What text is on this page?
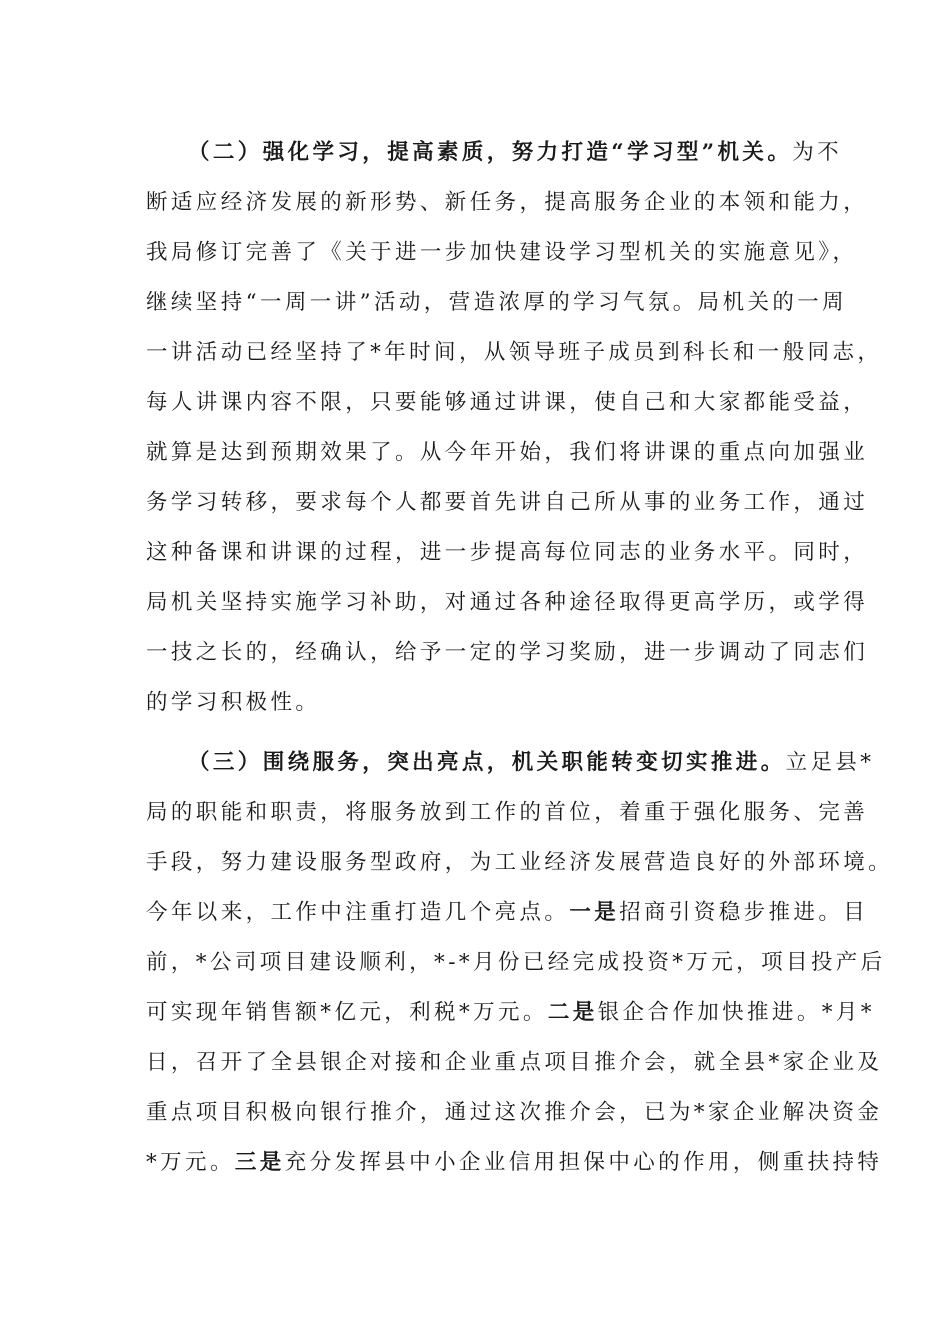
（二）强化学习，提高素质，努力打造“学习型”机关。为不
断适应经济发展的新形势、新任务，提高服务企业的本领和能力，
我局修订完善了《关于进一步加快建设学习型机关的实施意见》，
继续坚持“一周一讲”活动，营造浓厚的学习气氛。局机关的一周
一讲活动已经坚持了*年时间，从领导班子成员到科长和一般同志，
每人讲课内容不限，只要能够通过讲课，使自己和大家都能受益，
就算是达到预期效果了。从今年开始，我们将讲课的重点向加强业
务学习转移，要求每个人都要首先讲自己所从事的业务工作，通过
这种备课和讲课的过程，进一步提高每位同志的业务水平。同时，
局机关坚持实施学习补助，对通过各种途径取得更高学历，或学得
一技之长的，经确认，给予一定的学习奖励，进一步调动了同志们
的学习积极性。
（三）围绕服务，突出亮点，机关职能转变切实推进。立足县*
局的职能和职责，将服务放到工作的首位，着重于强化服务、完善
手段，努力建设服务型政府，为工业经济发展营造良好的外部环境。
今年以来，工作中注重打造几个亮点。一是招商引资稳步推进。目
前，*公司项目建设顺利，*-*月份已经完成投资*万元，项目投产后
可实现年销售额*亿元，利税*万元。二是银企合作加快推进。*月*
日，召开了全县银企对接和企业重点项目推介会，就全县*家企业及
重点项目积极向银行推介，通过这次推介会，已为*家企业解决资金
*万元。三是充分发挥县中小企业信用担保中心的作用，侧重扶持特
